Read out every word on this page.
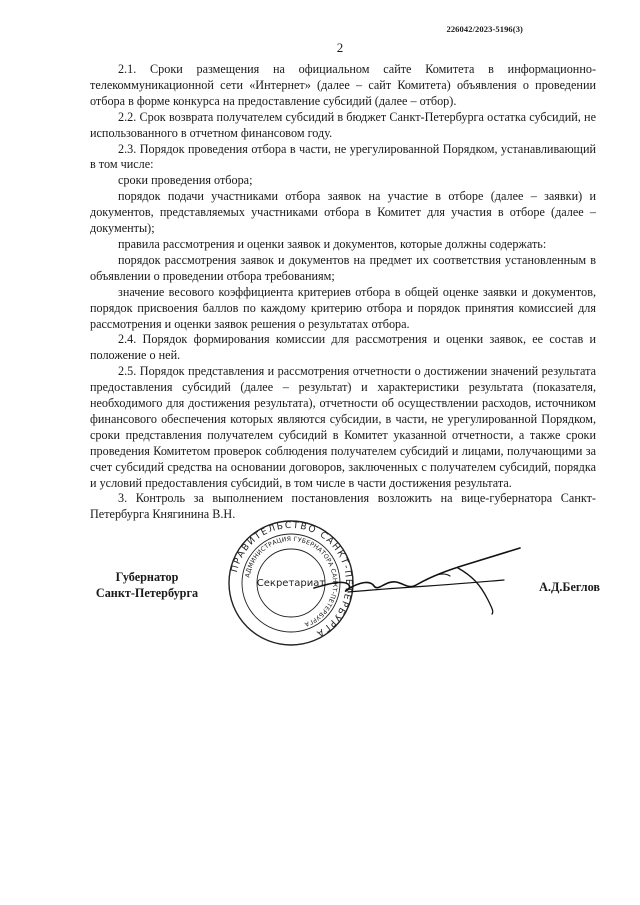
226042/2023-5196(3)
2

2.1. Сроки размещения на официальном сайте Комитета в информационно-телекоммуникационной сети «Интернет» (далее – сайт Комитета) объявления о проведении отбора в форме конкурса на предоставление субсидий (далее – отбор).

2.2. Срок возврата получателем субсидий в бюджет Санкт-Петербурга остатка субсидий, не использованного в отчетном финансовом году.

2.3. Порядок проведения отбора в части, не урегулированной Порядком, устанавливающий в том числе:

сроки проведения отбора;

порядок подачи участниками отбора заявок на участие в отборе (далее – заявки) и документов, представляемых участниками отбора в Комитет для участия в отборе (далее – документы);

правила рассмотрения и оценки заявок и документов, которые должны содержать:

порядок рассмотрения заявок и документов на предмет их соответствия установленным в объявлении о проведении отбора требованиям;

значение весового коэффициента критериев отбора в общей оценке заявки и документов, порядок присвоения баллов по каждому критерию отбора и порядок принятия комиссией для рассмотрения и оценки заявок решения о результатах отбора.

2.4. Порядок формирования комиссии для рассмотрения и оценки заявок, ее состав и положение о ней.

2.5. Порядок представления и рассмотрения отчетности о достижении значений результата предоставления субсидий (далее – результат) и характеристики результата (показателя, необходимого для достижения результата), отчетности об осуществлении расходов, источником финансового обеспечения которых являются субсидии, в части, не урегулированной Порядком, сроки представления получателем субсидий в Комитет указанной отчетности, а также сроки проведения Комитетом проверок соблюдения получателем субсидий и лицами, получающими за счет субсидий средства на основании договоров, заключенных с получателем субсидий, порядка и условий предоставления субсидий, в том числе в части достижения результата.

3. Контроль за выполнением постановления возложить на вице-губернатора Санкт-Петербурга Княгинина В.Н.

Губернатор
Санкт-Петербурга
ПРАВИТЕЛЬСТВО САНКТ-ПЕТЕРБУРГА
АДМИНИСТРАЦИЯ ГУБЕРНАТОРА САНКТ-ПЕТЕРБУРГА
Секретариат	А.Д.Беглов
